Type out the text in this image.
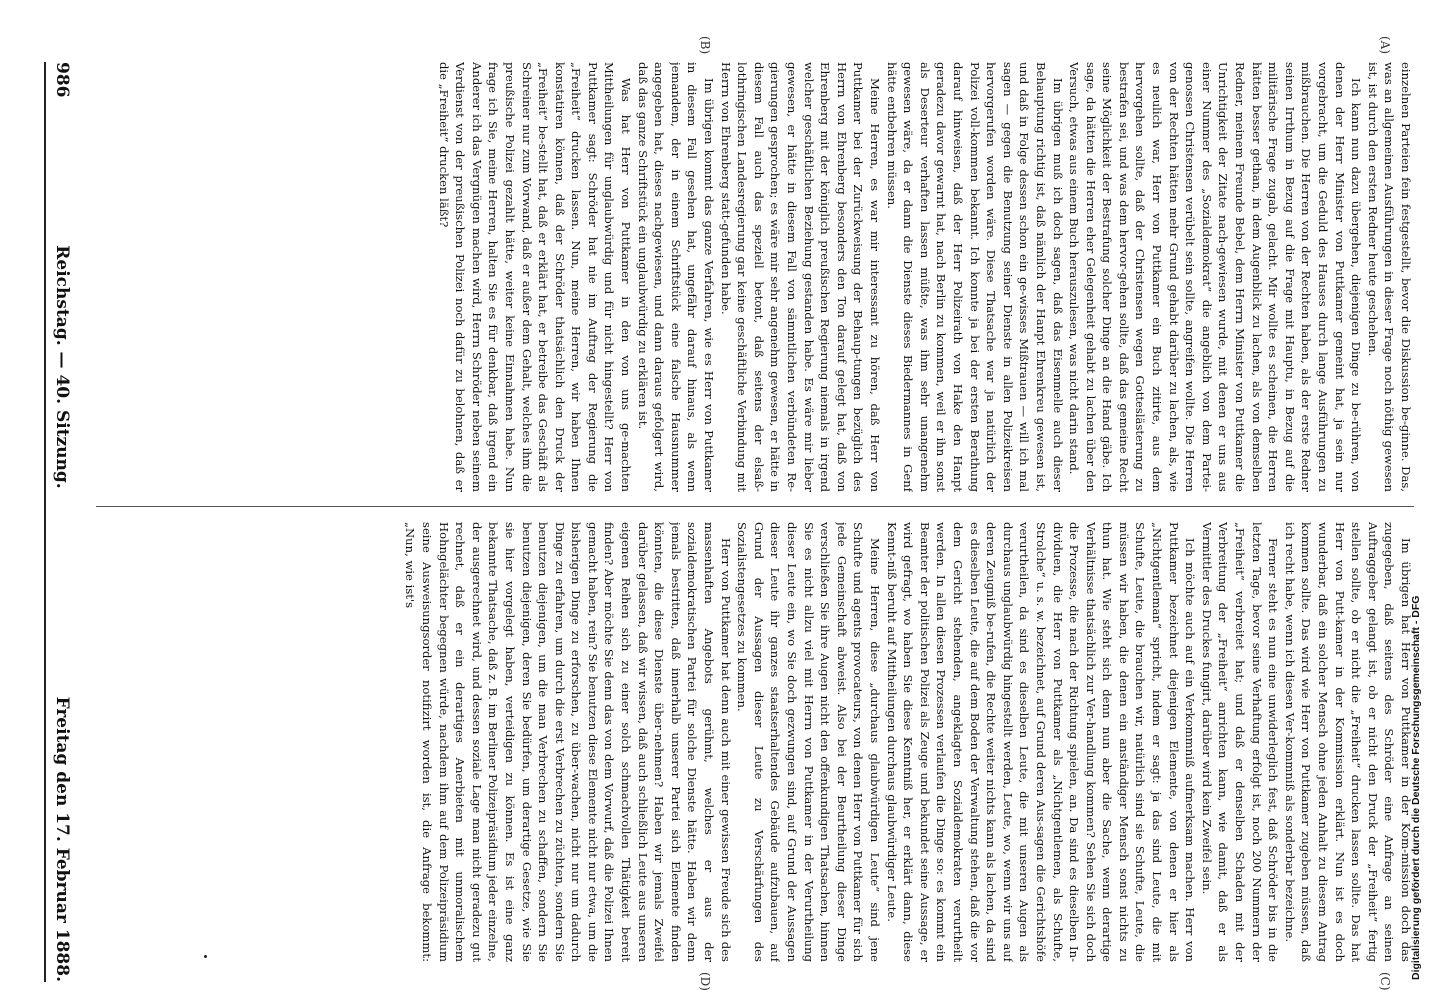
986
Reichstag. — 40. Sitzung.
Freitag den 17. Februar 1888.
(A)
(B)
(C)
(D)

einzelnen Parteien fein festgestellt, bevor die Diskussion be-ginne. Das, was an allgemeinen Ausführungen in dieser Frage noch nöthig gewesen ist, ist durch den ersten Redner heute geschehen.

Ich kann nun dazu übergehen, diejenigen Dinge zu be-rühren, von denen der Herr Minister von Puttkamer gemeint hat, ja sein nur vorgebracht, um die Geduld des Hauses durch lange Ausführungen zu mißbrauchen. Die Herren von der Rechten haben, als der erste Redner seinen Irrthum in Bezug auf die Frage mit Hauptu, in Bezug auf die militärische Frage zugab, gelacht. Mir wollte es scheinen, die Herren hätten besser gethan, in dem Augenblick zu lachen, als von demselben Redner, meinem Freunde Bebel, dem Herrn Minister von Puttkamer die Unrichtigkeit der Zitate nach-gewiesen wurde, mit denen er uns aus einer Nummer des „Sozialdemokrat“ die angeblich von dem Partei-genossen Christensen verübelt sein sollte, angreifen wollte. Die Herren von der Rechten hätten mehr Grund gehabt darüber zu lachen, als, wie es neulich war, Herr von Puttkamer ein Buch zitirte, aus dem hervorgehen sollte, daß der Christensen wegen Gotteslästerung zu bestrafen sei, und was dem hervor-gehen sollte, daß das gemeine Recht seine Möglichkeit der Bestrafung solcher Dinge an die Hand gäbe. Ich sage, da hätten die Herren eher Gelegenheit gehabt zu lachen über den Versuch, etwas aus einem Buch herauszulesen, was nicht darin stand.

Im übrigen muß ich doch sagen, daß das Eisenmelle auch dieser Behauptung richtig ist, daß nämlich der Hanpt Ehrenkreu gewesen ist, und daß in Folge dessen schon ein ge-wisses Mißtrauen — will ich mal sagen — gegen die Benutzung seiner Dienste in allen Polizeikreisen hervorgerufen worden wäre. Diese Thatsache war ja natürlich der Polizei voll-kommen bekannt. Ich konnte ja bei der ersten Berathung darauf hinweisen, daß der Herr Polizeirath von Hake den Hanpt geradezu davor gewarnt hat, nach Berlin zu kommen, weil er ihn sonst als Deserteur verhaften lassen müßte, was ihm sehr unangenehm gewesen wäre, da er dann die Dienste dieses Biedermannes in Genf hätte entbehren müssen.

Meine Herren, es war mir interessant zu hören, daß Herr von Puttkamer bei der Zurückweisung der Behaup-tungen bezüglich des Herrn von Ehrenberg besonders den Ton darauf gelegt hat, daß von Ehrenberg mit der königlich preußischen Regierung niemals in irgend welcher geschäftlichen Beziehung gestanden habe. Es wäre mir lieber gewesen, er hätte in diesem Fall von sämmtlichen verbündeten Re-gierungen gesprochen; es wäre mir sehr angenehm gewesen, er hätte in diesem Fall auch das speziell betont, daß seitens der elsaß-lothringischen Landesregierung gar keine geschäftliche Verbindung mit Herrn von Ehrenberg statt-gefunden habe.

Im übrigen kommt das ganze Verfahren, wie es Herr von Puttkamer in diesem Fall gesehen hat, ungefähr darauf hinaus, als wenn jemandem, der in einem Schriftstück eine falsche Hausnummer angegeben hat, dieses nachgewiesen, und dann daraus gefolgert wird, daß das ganze Schriftstück ein unglaubwürdig zu erklären ist.

Was hat Herr von Puttkamer in den von uns ge-machten Mittheilungen für unglaubwürdig und für nicht hingestellt? Herr von Puttkamer sagt: Schröder hat nie im Auftrag der Regierung die „Freiheit“ drucken lassen. Nun, meine Herren, wir haben Ihnen konstatiren können, daß der Schröder thatsächlich den Druck der „Freiheit“ be-stellt hat, daß er erklärt hat, er betreibe das Geschäft als Schreiner nur zum Vorwand, daß er außer dem Gehalt, welches ihm die preußische Polizei gezahlt hätte, weiter keine Einnahmen habe. Nun frage ich Sie, meine Herren, halten Sie es für denkbar, daß irgend ein Anderer ich das Vergnügen machen wird, Herrn Schröder neben seinem Verdienst von der preußischen Polizei noch dafür zu belohnen, daß er die „Freiheit“ drucken läßt?

Im übrigen hat Herr von Puttkamer in der Kom-mission doch das zugegeben, daß seitens des Schröder eine Anfrage an seinen Auftraggeber gelangt ist, ob er nicht den Druck der „Freiheit“ fertig stellen sollte, ob er nicht die „Freiheit“ drucken lassen sollte. Das hat Herr von Putt-kamer in der Kommission erklärt. Nun ist es doch wunderbar, daß ein solcher Mensch ohne jeden Anhalt zu diesem Antrag kommen sollte. Das wird wie Herr von Puttkamer zugeben müssen, daß ich recht habe, wenn ich diesen Ver-kommniß als sonderbar bezeichne.

Ferner steht es nun eine unwiderleglich fest, daß Schröder bis in die letzten Tage, bevor seine Verhaftung erfolgt ist, noch 200 Nummern der „Freiheit“ verbreitet hat; und daß er denselben Schaden mit der Verbreitung der „Freiheit“ anrichten kann, wie damit, daß er als Vermittler des Druckes fungirt, darüber wird kein Zweifel sein.

Ich möchte auch auf ein Verkommniß aufmerksam machen. Herr von Puttkamer bezeichnet diejenigen Elemente, von denen er hier als „Nichtgentleman“ spricht, indem er sagt: ja das sind Leute, die mit Schufte, Leute, die brauchen wir, natürlich sind sie Schufte, Leute, die müssen wir haben, die denen ein anständiger Mensch sonst nichts zu thun hat. Wie steht sich denn nun aber die Sache, wenn derartige Verhältnisse thatsächlich zur Ver-handlung kommen? Sehen Sie sich doch die Prozesse, die nach der Richtung spielen, an. Da sind es dieselben In-dividuen, die Herr von Puttkamer als „Nichtgentlemen, als Schufte, Strolche“ u. s. w. bezeichnet, auf Grund deren Aus-sagen die Gerichtshöfe verurtheilen, da sind es dieselben Leute, die mit unseren Augen als durchaus unglaubwürdig hingestellt werden, Leute, wo, wenn wir uns auf deren Zeugniß be-rufen, die Rechte weiter nichts kann als lachen, da sind es dieselben Leute, die auf dem Boden der Verwaltung stehen, daß die vor dem Gericht stehenden, angeklagten Sozialdemokraten verurtheilt werden. In allen diesen Prozessen verlaufen die Dinge so: es kommt ein Beamter der politischen Polizei als Zeuge und bekundet seine Aussage, er wird gefragt, wo haben Sie diese Kenntniß her, er erklärt dann, diese Kennt-niß beruht auf Mittheilungen durchaus glaubwürdiger Leute.

Meine Herren, diese „durchaus glaubwürdigen Leute“ sind jene Schufte und agents provocateurs, von denen Herr von Puttkamer für sich jede Gemeinschaft abweist. Also bei der Beurtheilung dieser Dinge verschließen Sie ihre Augen nicht den offenkundigen Thatsachen, hinnen Sie es nicht allzu viel mit Herrn von Puttkamer in der Verurtheilung dieser Leute ein, wo Sie doch gezwungen sind, auf Grund der Aussagen dieser Leute ihr ganzes staatserhaltendes Gebäude aufzubauen, auf Grund der Aussagen dieser Leute zu Verschärfungen des Sozialistengesetzes zu kommen.

Herr von Puttkamer hat denn auch mit einer gewissen Freude sich des massenhaften Angebots gerühmt, welches er aus der sozialdemokratischen Partei für solche Dienste hätte. Haben wir denn jemals bestritten, daß innerhalb unserer Partei sich Elemente finden könnten, die diese Dienste über-nehmen? Haben wir jemals Zweifel darüber gelassen, daß wir wissen, daß auch schließlich Leute aus unseren eigenen Reihen sich zu einer solch schmachvollen Thätigkeit bereit finden? Aber möchte Sie denn das von dem Vorwurf, daß die Polizei Ihnen gemacht haben, rein? Sie benutzen diese Elemente nicht nur etwa, um die bisherigen Dinge zu erforschen, zu über-wachen, nicht nur um dadurch Dinge zu erfahren, um durch die erst Verbrechen zu züchten, sondern Sie benutzen diejenigen, um die man Verbrechen zu schaffen, sondern Sie benutzen diejenigen, deren Sie bedürfen, um derartige Gesetze, wie Sie sie hier vorgelegt haben, verteidigen zu können. Es ist eine ganz bekannte Thatsache, daß z. B. im Berliner Polizeipräsidium jeder einzelne, der ausgerechnet wird, und dessen soziale Lage man nicht geradezu gut rechnet, daß er ein derartiges Anerbieten mit unmoralischem Hohngelächter begegnen würde, nachdem ihm auf dem Polizeipräsidium seine Ausweisungsorder notifizirt worden ist, die Anfrage bekommt: „Nun, wie ist's

Digitalisierung gefördert durch die Deutsche Forschungsgemeinschaft - DFG
